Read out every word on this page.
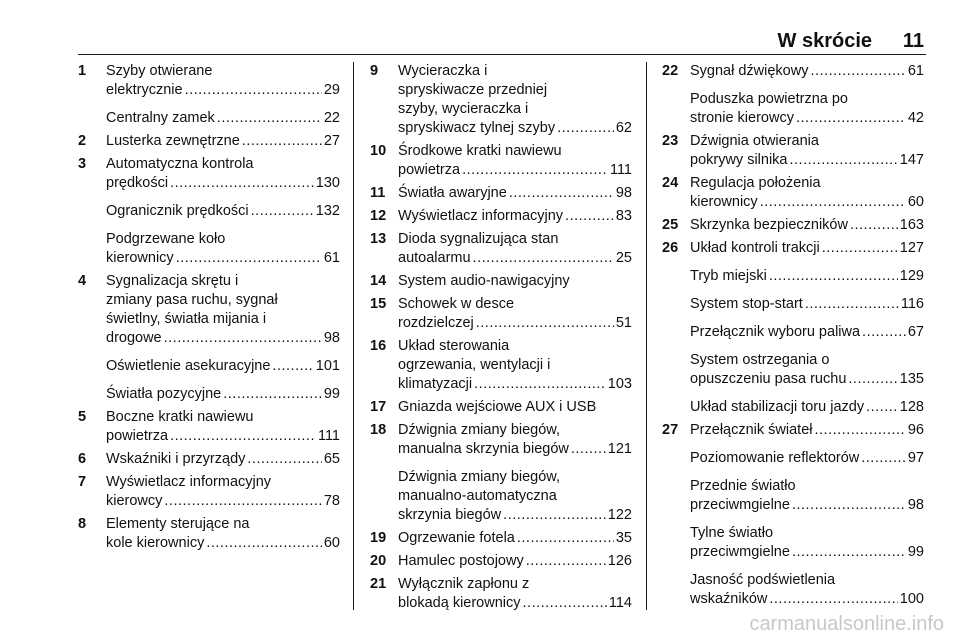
W skrócie 11
1 Szyby otwierane
elektrycznie .....	29
Centralny zamek .....	22
2 Lusterka zewnętrzne .....	27
3 Automatyczna kontrola
prędkości .....	130
Ogranicznik prędkości .....	132
Podgrzewane koło
kierownicy .....	61
4 Sygnalizacja skrętu i
zmiany pasa ruchu, sygnał
świetlny, światła mijania i
drogowe .....	98
Oświetlenie asekuracyjne .....	101
Światła pozycyjne .....	99
5 Boczne kratki nawiewu
powietrza .....	111
6 Wskaźniki i przyrządy .....	65
7 Wyświetlacz informacyjny
kierowcy .....	78
8 Elementy sterujące na
kole kierownicy .....	60
9 Wycieraczka i
spryskiwacze przedniej
szyby, wycieraczka i
spryskiwacz tylnej szyby .....	62
10 Środkowe kratki nawiewu
powietrza .....	111
11 Światła awaryjne .....	98
12 Wyświetlacz informacyjny .....	83
13 Dioda sygnalizująca stan
autoalarmu .....	25
14 System audio-nawigacyjny
15 Schowek w desce
rozdzielczej .....	51
16 Układ sterowania
ogrzewania, wentylacji i
klimatyzacji .....	103
17 Gniazda wejściowe AUX i USB
18 Dźwignia zmiany biegów,
manualna skrzynia biegów .....	121
Dźwignia zmiany biegów,
manualno-automatyczna
skrzynia biegów .....	122
19 Ogrzewanie fotela .....	35
20 Hamulec postojowy .....	126
21 Wyłącznik zapłonu z
blokadą kierownicy .....	114
22 Sygnał dźwiękowy .....	61
Poduszka powietrzna po
stronie kierowcy .....	42
23 Dźwignia otwierania
pokrywy silnika .....	147
24 Regulacja położenia
kierownicy .....	60
25 Skrzynka bezpieczników .....	163
26 Układ kontroli trakcji .....	127
Tryb miejski .....	129
System stop-start .....	116
Przełącznik wyboru paliwa .....	67
System ostrzegania o
opuszczeniu pasa ruchu .....	135
Układ stabilizacji toru jazdy ..... 128
27 Przełącznik świateł .....	96
Poziomowanie reflektorów .....	97
Przednie światło
przeciwmgielne .....	98
Tylne światło
przeciwmgielne .....	99
Jasność podświetlenia
wskaźników .....	100
carmanualsonline.info
